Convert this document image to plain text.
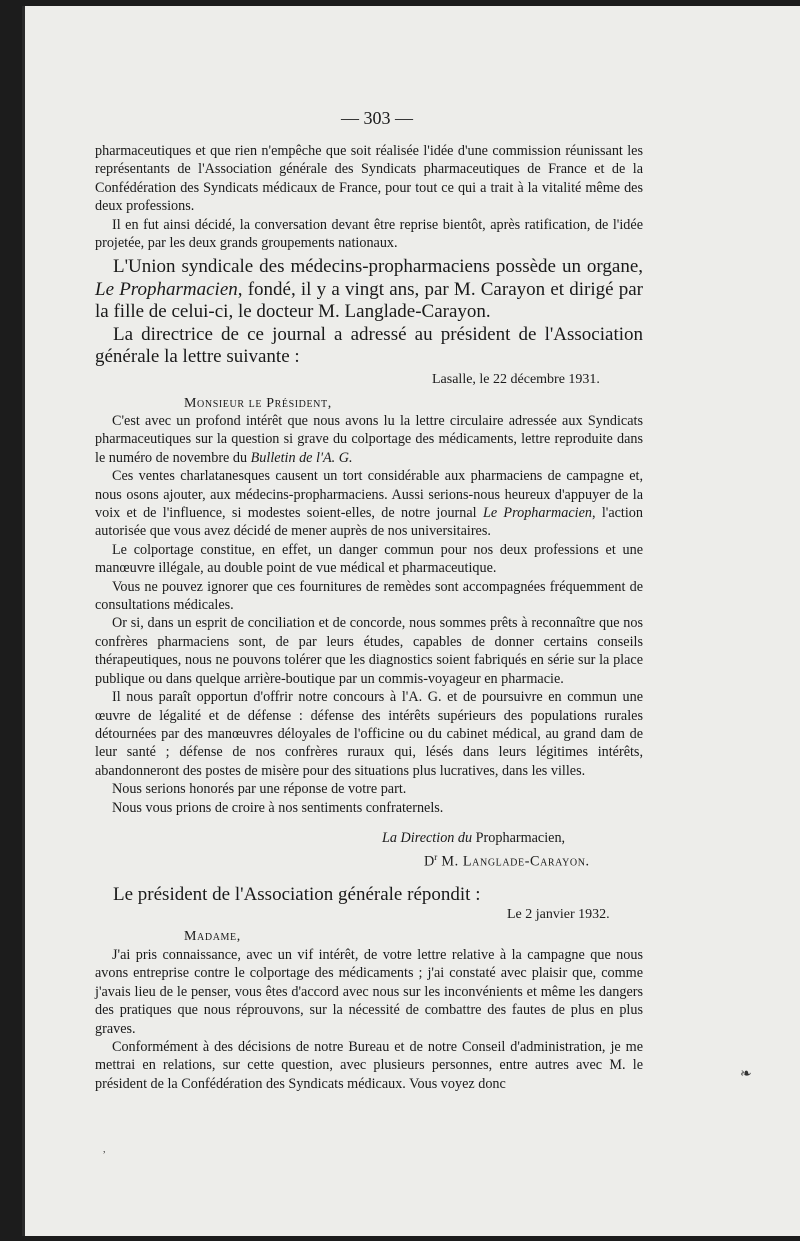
— 303 —

pharmaceutiques et que rien n'empêche que soit réalisée l'idée d'une commission réunissant les représentants de l'Association générale des Syndicats pharmaceutiques de France et de la Confédération des Syndicats médicaux de France, pour tout ce qui a trait à la vitalité même des deux professions.

Il en fut ainsi décidé, la conversation devant être reprise bientôt, après ratification, de l'idée projetée, par les deux grands groupements nationaux.

L'Union syndicale des médecins-propharmaciens possède un organe, Le Propharmacien, fondé, il y a vingt ans, par M. Carayon et dirigé par la fille de celui-ci, le docteur M. Langlade-Carayon.

La directrice de ce journal a adressé au président de l'Association générale la lettre suivante :

Lasalle, le 22 décembre 1931.
Monsieur le Président,

C'est avec un profond intérêt que nous avons lu la lettre circulaire adressée aux Syndicats pharmaceutiques sur la question si grave du colportage des médicaments, lettre reproduite dans le numéro de novembre du Bulletin de l'A. G.

Ces ventes charlatanesques causent un tort considérable aux pharmaciens de campagne et, nous osons ajouter, aux médecins-propharmaciens. Aussi serions-nous heureux d'appuyer de la voix et de l'influence, si modestes soient-elles, de notre journal Le Propharmacien, l'action autorisée que vous avez décidé de mener auprès de nos universitaires.

Le colportage constitue, en effet, un danger commun pour nos deux professions et une manœuvre illégale, au double point de vue médical et pharmaceutique.

Vous ne pouvez ignorer que ces fournitures de remèdes sont accompagnées fréquemment de consultations médicales.

Or si, dans un esprit de conciliation et de concorde, nous sommes prêts à reconnaître que nos confrères pharmaciens sont, de par leurs études, capables de donner certains conseils thérapeutiques, nous ne pouvons tolérer que les diagnostics soient fabriqués en série sur la place publique ou dans quelque arrière-boutique par un commis-voyageur en pharmacie.

Il nous paraît opportun d'offrir notre concours à l'A. G. et de poursuivre en commun une œuvre de légalité et de défense : défense des intérêts supérieurs des populations rurales détournées par des manœuvres déloyales de l'officine ou du cabinet médical, au grand dam de leur santé ; défense de nos confrères ruraux qui, lésés dans leurs légitimes intérêts, abandonneront des postes de misère pour des situations plus lucratives, dans les villes.

Nous serions honorés par une réponse de votre part.

Nous vous prions de croire à nos sentiments confraternels.

La Direction du Propharmacien,
$D^r$ M. Langlade-Carayon.

Le président de l'Association générale répondit :

Le 2 janvier 1932.
Madame,

J'ai pris connaissance, avec un vif intérêt, de votre lettre relative à la campagne que nous avons entreprise contre le colportage des médicaments ; j'ai constaté avec plaisir que, comme j'avais lieu de le penser, vous êtes d'accord avec nous sur les inconvénients et même les dangers des pratiques que nous réprouvons, sur la nécessité de combattre des fautes de plus en plus graves.

Conformément à des décisions de notre Bureau et de notre Conseil d'administration, je me mettrai en relations, sur cette question, avec plusieurs personnes, entre autres avec M. le président de la Confédération des Syndicats médicaux. Vous voyez donc

❧
,
